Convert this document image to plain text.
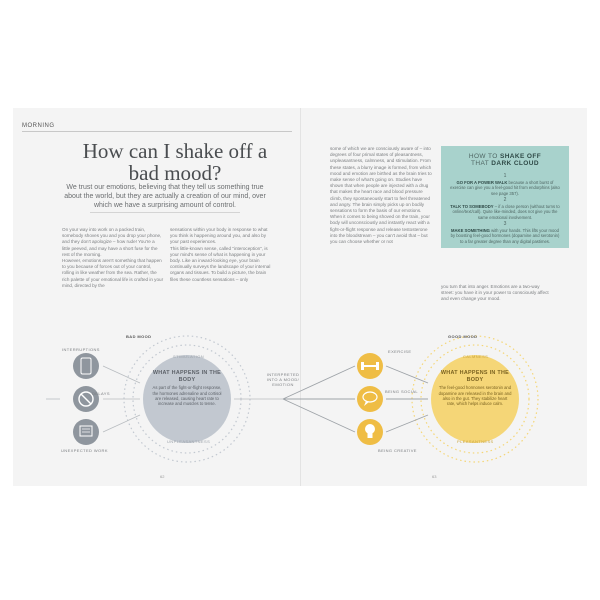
MORNING
How can I shake off a bad mood?
We trust our emotions, believing that they tell us something true about the world, but they are actually a creation of our mind, over which we have a surprising amount of control.

On your way into work on a packed train, somebody shoves you and you drop your phone, and they don't apologize – how rude! You're a little peeved, and may have a short fuse for the rest of the morning.

However, emotions aren't something that happen to you because of forces out of your control, rolling in like weather from the sea. Rather, the rich palette of your emotional life is crafted in your mind, directed by the

sensations within your body in response to what you think is happening around you, and also by your past experiences.

This little-known sense, called "interoception", is your mind's sense of what is happening in your body. Like an inward-looking eye, your brain continually surveys the landscape of your internal organs and tissues. To build a picture, the brain files these countless sensations – only

some of which we are consciously aware of – into degrees of four primal states of pleasantness, unpleasantness, calmness, and stimulation. From these states, a blurry image is formed, from which mood and emotion are birthed as the brain tries to make sense of what's going on. Studies have shown that when people are injected with a drug that makes the heart race and blood pressure climb, they spontaneously start to feel threatened and angry. The brain simply picks up on bodily sensations to form the basis of our emotions.

When it comes to being shoved on the train, your body will unconsciously and instantly react with a fight-or-flight response and release testosterone into the bloodstream – you can't avoid that – but you can choose whether or not

you turn that into anger. Emotions are a two-way street: you have it in your power to consciously affect and even change your mood.

HOW TO SHAKE OFF
THAT DARK CLOUD
1
GO FOR A POWER WALK because a short burst of exercise can give you a feel-good hit from endorphins (also see page 357).
2
TALK TO SOMEBODY – if a close person (without turns to online/text/call). Quite like-minded, does not give you the same emotional involvement.
3
MAKE SOMETHING with your hands. This lifts your mood by boosting feel-good hormones (dopamine and serotonin) to a far greater degree than any digital pastimes.
BAD MOOD	GOOD MOOD
INTERRUPTIONS
DELAYS
UNEXPECTED WORK
EXERCISE
BEING SOCIAL
BEING CREATIVE
STIMULATION
UNPLEASANTNESS
WHAT HAPPENS IN THE BODY
As part of the fight-or-flight response, the hormones adrenaline and cortisol are released, causing heart rate to increase and muscles to tense.
INTERPRETED INTO A MOOD/ EMOTION
CALMNESS
PLEASANTNESS
WHAT HAPPENS IN THE BODY
The feel-good hormones serotonin and dopamine are released in the brain and also in the gut. They stabilize heart rate, which helps induce calm.
62	63
